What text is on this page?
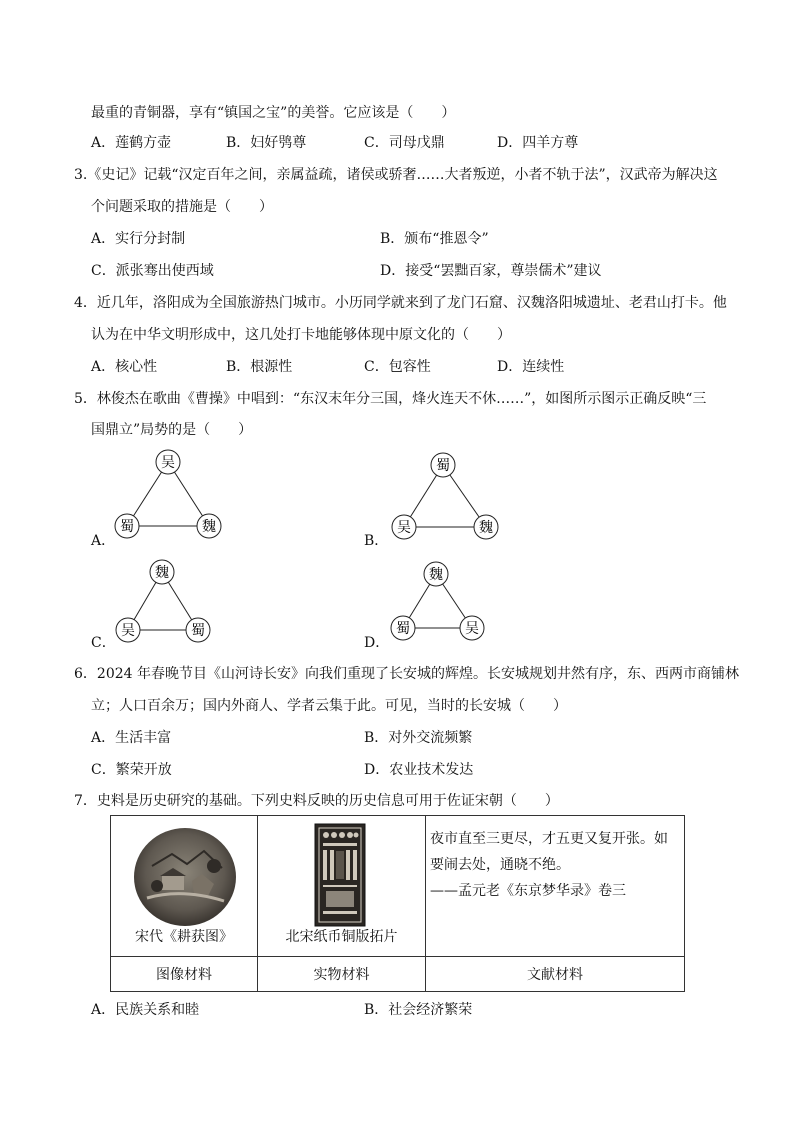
最重的青铜器，享有“镇国之宝”的美誉。它应该是（　　）
A．莲鹤方壶	B．妇好鸮尊	C．司母戊鼎	D．四羊方尊
3.《史记》记载“汉定百年之间，亲属益疏，诸侯或骄奢……大者叛逆，小者不轨于法”，汉武帝为解决这
个问题采取的措施是（　　）
A．实行分封制	B．颁布“推恩令”
C．派张骞出使西域	D．接受“罢黜百家，尊崇儒术”建议
4．近几年，洛阳成为全国旅游热门城市。小历同学就来到了龙门石窟、汉魏洛阳城遗址、老君山打卡。他
认为在中华文明形成中，这几处打卡地能够体现中原文化的（　　）
A．核心性	B．根源性	C．包容性	D．连续性
5．林俊杰在歌曲《曹操》中唱到：“东汉末年分三国，烽火连天不休……”，如图所示图示正确反映“三
国鼎立”局势的是（　　）
A．
吴
蜀	魏
B．
蜀
吴	魏
C．
魏
吴	蜀
D．
魏
蜀	吴
6．2024 年春晚节目《山河诗长安》向我们重现了长安城的辉煌。长安城规划井然有序，东、西两市商铺林
立；人口百余万；国内外商人、学者云集于此。可见，当时的长安城（　　）
A．生活丰富	B．对外交流频繁
C．繁荣开放	D．农业技术发达
7．史料是历史研究的基础。下列史料反映的历史信息可用于佐证宋朝（　　）
宋代《耕获图》	北宋纸币铜版拓片	夜市直至三更尽，才五更又复开张。如要闹去处，通晓不绝。
——孟元老《东京梦华录》卷三

图像材料	实物材料	文献材料
A．民族关系和睦	B．社会经济繁荣
